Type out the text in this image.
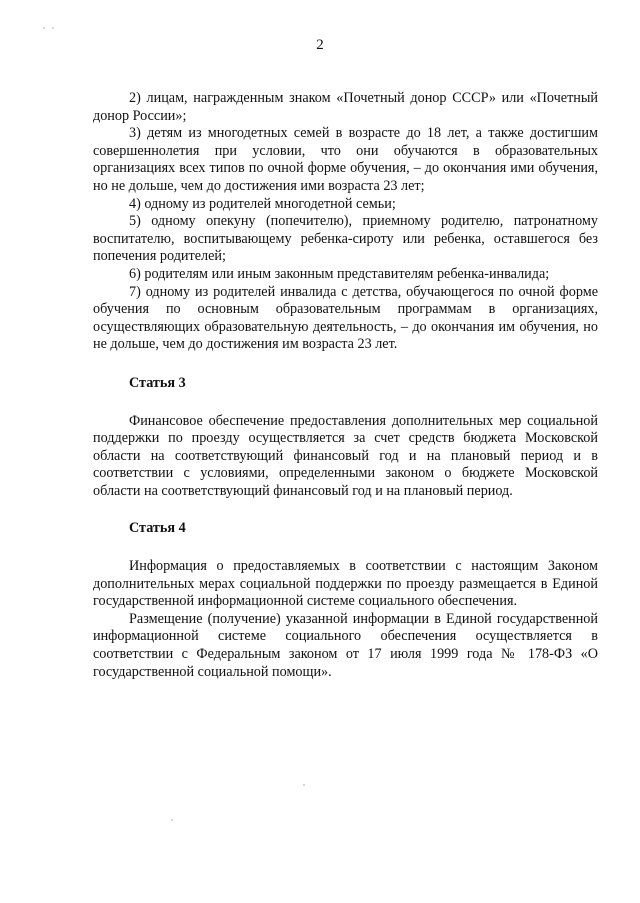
2

2) лицам, награжденным знаком «Почетный донор СССР» или «Почетный донор России»;

3) детям из многодетных семей в возрасте до 18 лет, а также достигшим совершеннолетия при условии, что они обучаются в образовательных организациях всех типов по очной форме обучения, – до окончания ими обучения, но не дольше, чем до достижения ими возраста 23 лет;

4) одному из родителей многодетной семьи;

5) одному опекуну (попечителю), приемному родителю, патронатному воспитателю, воспитывающему ребенка-сироту или ребенка, оставшегося без попечения родителей;

6) родителям или иным законным представителям ребенка-инвалида;

7) одному из родителей инвалида с детства, обучающегося по очной форме обучения по основным образовательным программам в организациях, осуществляющих образовательную деятельность, – до окончания им обучения, но не дольше, чем до достижения им возраста 23 лет.

Статья 3

Финансовое обеспечение предоставления дополнительных мер социальной поддержки по проезду осуществляется за счет средств бюджета Московской области на соответствующий финансовый год и на плановый период и в соответствии с условиями, определенными законом о бюджете Московской области на соответствующий финансовый год и на плановый период.

Статья 4

Информация о предоставляемых в соответствии с настоящим Законом дополнительных мерах социальной поддержки по проезду размещается в Единой государственной информационной системе социального обеспечения.

Размещение (получение) указанной информации в Единой государственной информационной системе социального обеспечения осуществляется в соответствии с Федеральным законом от 17 июля 1999 года № 178-ФЗ «О государственной социальной помощи».
